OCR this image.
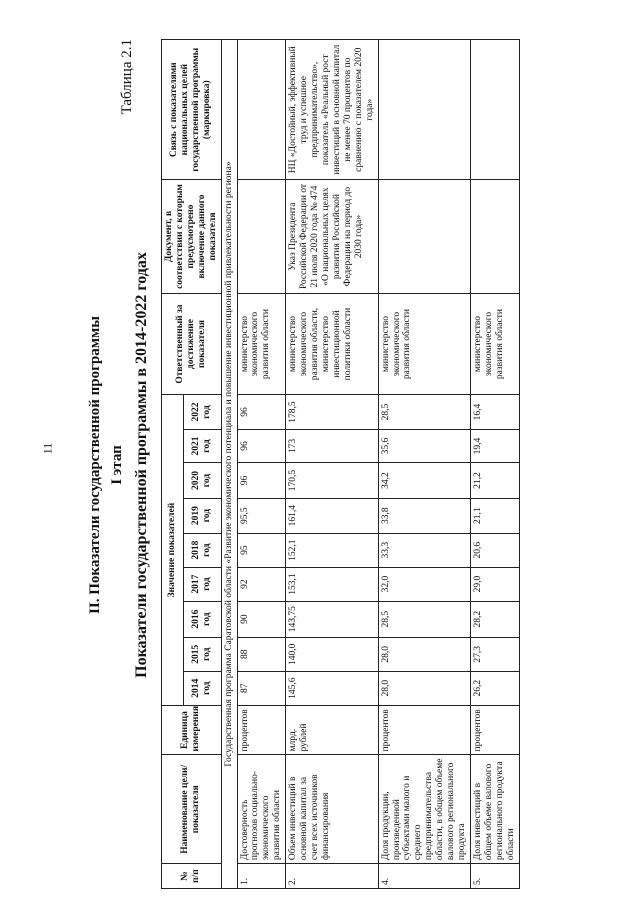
11 II. Показатели государственной программы I этап
Таблица 2.1
Показатели государственной программы в 2014-2022 годах
№ п/п	Наименование цели/показателя	Единица измерения	Значение показателей									Ответственный за достижение показателя	Документ, в соответствии с которым предусмотрено включение данного показателя	Связь с показателями национальных целей государственной программы (маркировка)
			2014 год	2015 год	2016 год	2017 год	2018 год	2019 год	2020 год	2021 год	2022 год			
Государственная программа Саратовской области «Развитие экономического потенциала и повышение инвестиционной привлекательности региона»														
1.	Достоверность прогнозов социально-экономического развития области	процентов	87	88	90	92	95	95,5	96	96	96	министерство экономического развития области		
2.	Объем инвестиций в основной капитал за счет всех источников финансирования	млрд. рублей	145,6	140,0	143,75	153,1	152,1	161,4	170,5	173	178,5	министерство экономического развития области, министерство инвестиционной политики области	Указ Президента Российской Федерации от 21 июля 2020 года № 474 «О национальных целях развития Российской Федерации на период до 2030 года»	НЦ «Достойный, эффективный труд и успешное предпринимательство», показатель «Реальный рост инвестиций в основной капитал не менее 70 процентов по сравнению с показателем 2020 года»
4.	Доля продукции, произведенной субъектами малого и среднего предпринимательства области, в общем объеме валового регионального продукта	процентов	28,0	28,0	28,5	32,0	33,3	33,8	34,2	35,6	28,5	министерство экономического развития области		
5.	Доля инвестиций в общем объеме валового регионального продукта области	процентов	26,2	27,3	28,2	29,0	20,6	21,1	21,2	19,4	16,4	министерство экономического развития области		
